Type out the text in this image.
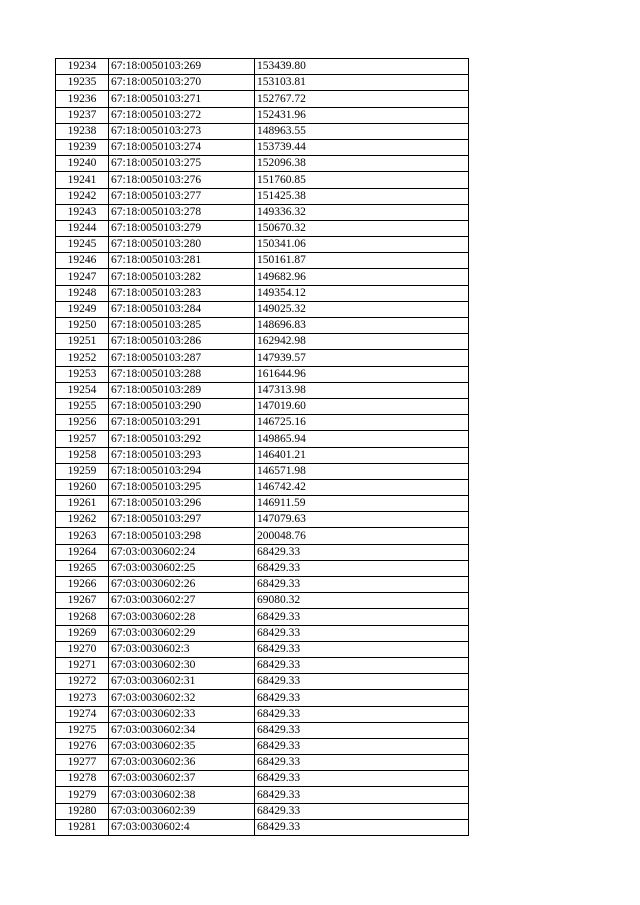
19234	67:18:0050103:269	153439.80
19235	67:18:0050103:270	153103.81
19236	67:18:0050103:271	152767.72
19237	67:18:0050103:272	152431.96
19238	67:18:0050103:273	148963.55
19239	67:18:0050103:274	153739.44
19240	67:18:0050103:275	152096.38
19241	67:18:0050103:276	151760.85
19242	67:18:0050103:277	151425.38
19243	67:18:0050103:278	149336.32
19244	67:18:0050103:279	150670.32
19245	67:18:0050103:280	150341.06
19246	67:18:0050103:281	150161.87
19247	67:18:0050103:282	149682.96
19248	67:18:0050103:283	149354.12
19249	67:18:0050103:284	149025.32
19250	67:18:0050103:285	148696.83
19251	67:18:0050103:286	162942.98
19252	67:18:0050103:287	147939.57
19253	67:18:0050103:288	161644.96
19254	67:18:0050103:289	147313.98
19255	67:18:0050103:290	147019.60
19256	67:18:0050103:291	146725.16
19257	67:18:0050103:292	149865.94
19258	67:18:0050103:293	146401.21
19259	67:18:0050103:294	146571.98
19260	67:18:0050103:295	146742.42
19261	67:18:0050103:296	146911.59
19262	67:18:0050103:297	147079.63
19263	67:18:0050103:298	200048.76
19264	67:03:0030602:24	68429.33
19265	67:03:0030602:25	68429.33
19266	67:03:0030602:26	68429.33
19267	67:03:0030602:27	69080.32
19268	67:03:0030602:28	68429.33
19269	67:03:0030602:29	68429.33
19270	67:03:0030602:3	68429.33
19271	67:03:0030602:30	68429.33
19272	67:03:0030602:31	68429.33
19273	67:03:0030602:32	68429.33
19274	67:03:0030602:33	68429.33
19275	67:03:0030602:34	68429.33
19276	67:03:0030602:35	68429.33
19277	67:03:0030602:36	68429.33
19278	67:03:0030602:37	68429.33
19279	67:03:0030602:38	68429.33
19280	67:03:0030602:39	68429.33
19281	67:03:0030602:4	68429.33
